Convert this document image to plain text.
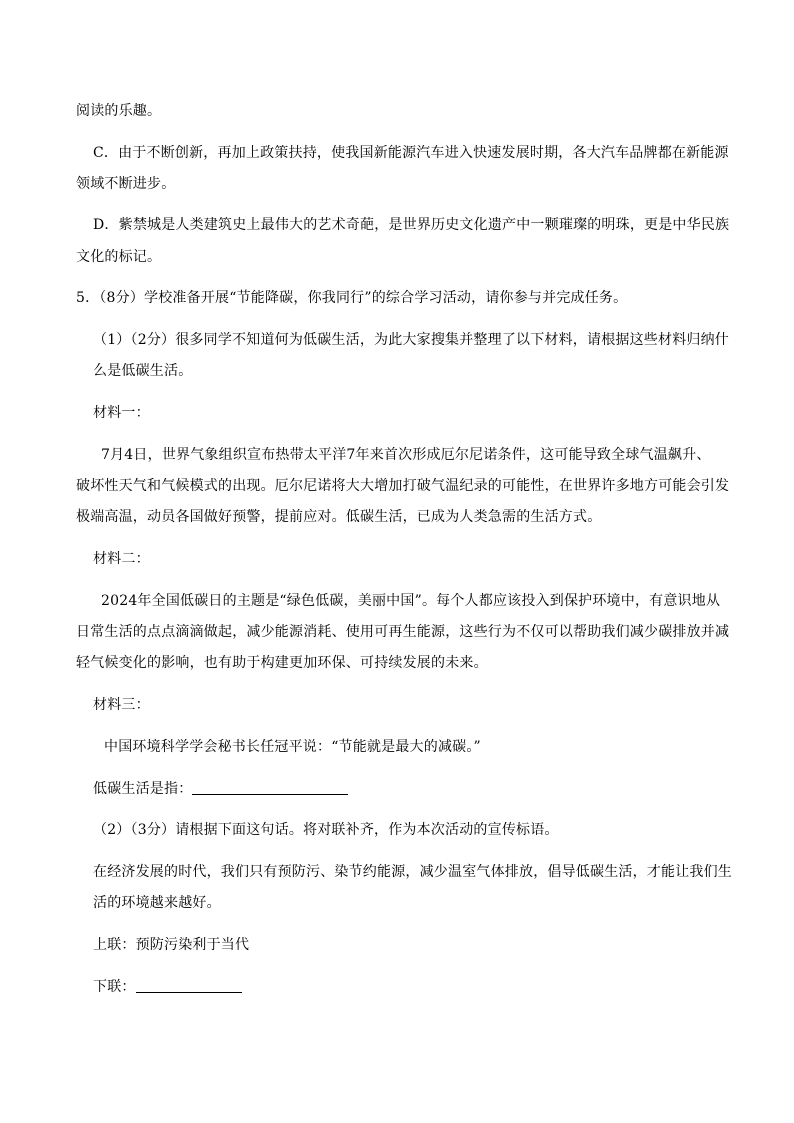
阅读的乐趣。
C．由于不断创新，再加上政策扶持，使我国新能源汽车进入快速发展时期，各大汽车品牌都在新能源
领域不断进步。
D．紫禁城是人类建筑史上最伟大的艺术奇葩，是世界历史文化遗产中一颗璀璨的明珠，更是中华民族
文化的标记。
5．（8分）学校准备开展“节能降碳，你我同行”的综合学习活动，请你参与并完成任务。
（1）（2分）很多同学不知道何为低碳生活，为此大家搜集并整理了以下材料，请根据这些材料归纳什
么是低碳生活。
材料一：
7月4日，世界气象组织宣布热带太平洋7年来首次形成厄尔尼诺条件，这可能导致全球气温飙升、
破坏性天气和气候模式的出现。厄尔尼诺将大大增加打破气温纪录的可能性，在世界许多地方可能会引发
极端高温，动员各国做好预警，提前应对。低碳生活，已成为人类急需的生活方式。
材料二：
2024年全国低碳日的主题是“绿色低碳，美丽中国”。每个人都应该投入到保护环境中，有意识地从
日常生活的点点滴滴做起，减少能源消耗、使用可再生能源，这些行为不仅可以帮助我们减少碳排放并减
轻气候变化的影响，也有助于构建更加环保、可持续发展的未来。
材料三：
中国环境科学学会秘书长任冠平说：“节能就是最大的减碳。”
低碳生活是指：
（2）（3分）请根据下面这句话。将对联补齐，作为本次活动的宣传标语。
在经济发展的时代，我们只有预防污、染节约能源，减少温室气体排放，倡导低碳生活，才能让我们生
活的环境越来越好。
上联：预防污染利于当代
下联：
